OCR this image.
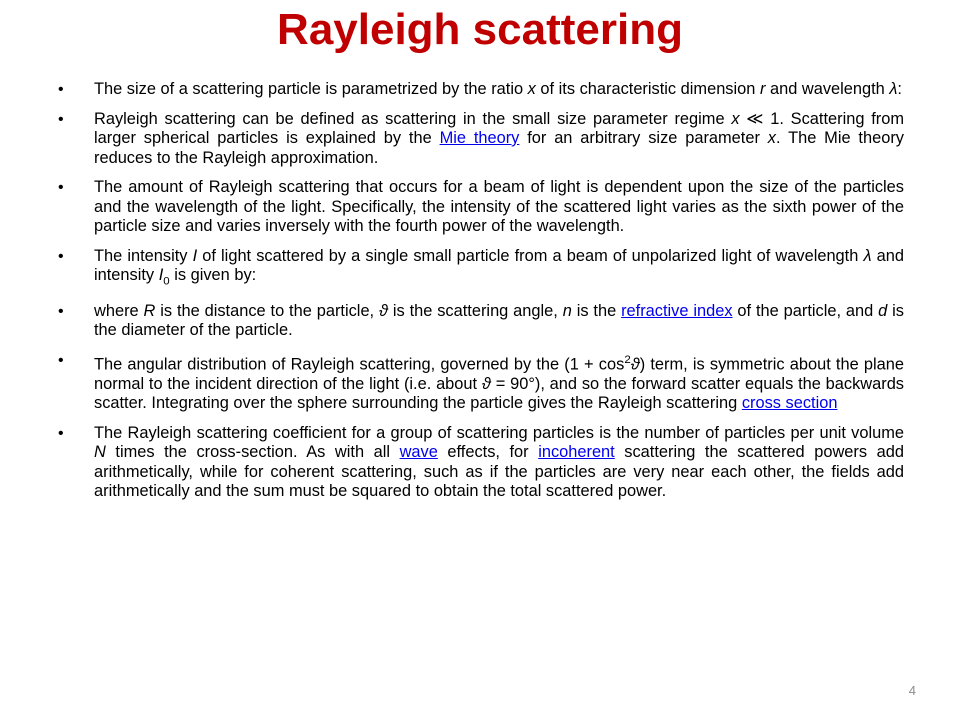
Rayleigh scattering
•	The size of a scattering particle is parametrized by the ratio x of its characteristic dimension r and wavelength λ:
•	Rayleigh scattering can be defined as scattering in the small size parameter regime x ≪ 1. Scattering from larger spherical particles is explained by the Mie theory for an arbitrary size parameter x. The Mie theory reduces to the Rayleigh approximation.
•	The amount of Rayleigh scattering that occurs for a beam of light is dependent upon the size of the particles and the wavelength of the light. Specifically, the intensity of the scattered light varies as the sixth power of the particle size and varies inversely with the fourth power of the wavelength.
•	The intensity I of light scattered by a single small particle from a beam of unpolarized light of wavelength λ and intensity $I_0$ is given by:
•	where R is the distance to the particle, ϑ is the scattering angle, n is the refractive index of the particle, and d is the diameter of the particle.
•	The angular distribution of Rayleigh scattering, governed by the $(1 + \cos^2ϑ)$ term, is symmetric about the plane normal to the incident direction of the light (i.e. about ϑ = 90°), and so the forward scatter equals the backwards scatter. Integrating over the sphere surrounding the particle gives the Rayleigh scattering cross section
•	The Rayleigh scattering coefficient for a group of scattering particles is the number of particles per unit volume N times the cross-section. As with all wave effects, for incoherent scattering the scattered powers add arithmetically, while for coherent scattering, such as if the particles are very near each other, the fields add arithmetically and the sum must be squared to obtain the total scattered power.
4
